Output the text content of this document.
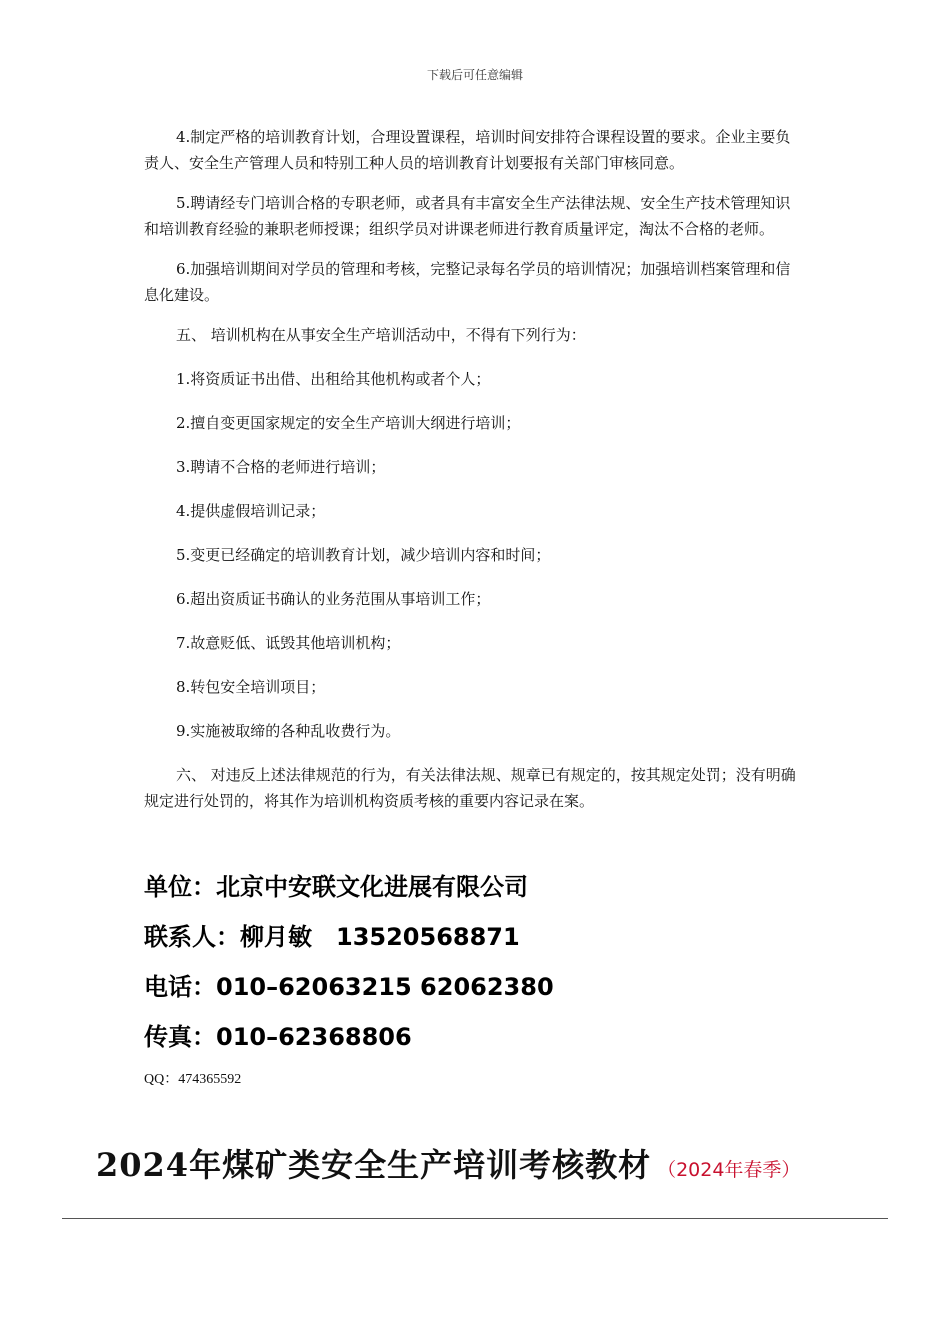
下载后可任意编辑

4.制定严格的培训教育计划，合理设置课程，培训时间安排符合课程设置的要求。企业主要负责人、安全生产管理人员和特别工种人员的培训教育计划要报有关部门审核同意。

5.聘请经专门培训合格的专职老师，或者具有丰富安全生产法律法规、安全生产技术管理知识和培训教育经验的兼职老师授课；组织学员对讲课老师进行教育质量评定，淘汰不合格的老师。

6.加强培训期间对学员的管理和考核，完整记录每名学员的培训情况；加强培训档案管理和信息化建设。

五、 培训机构在从事安全生产培训活动中，不得有下列行为：

1.将资质证书出借、出租给其他机构或者个人；

2.擅自变更国家规定的安全生产培训大纲进行培训；

3.聘请不合格的老师进行培训；

4.提供虚假培训记录；

5.变更已经确定的培训教育计划，减少培训内容和时间；

6.超出资质证书确认的业务范围从事培训工作；

7.故意贬低、诋毁其他培训机构；

8.转包安全培训项目；

9.实施被取缔的各种乱收费行为。

六、 对违反上述法律规范的行为，有关法律法规、规章已有规定的，按其规定处罚；没有明确规定进行处罚的，将其作为培训机构资质考核的重要内容记录在案。

单位：北京中安联文化进展有限公司
联系人：柳月敏　13520568871
电话：010–62063215 62062380
传真：010–62368806
QQ：474365592
2024年煤矿类安全生产培训考核教材 （2024年春季）
